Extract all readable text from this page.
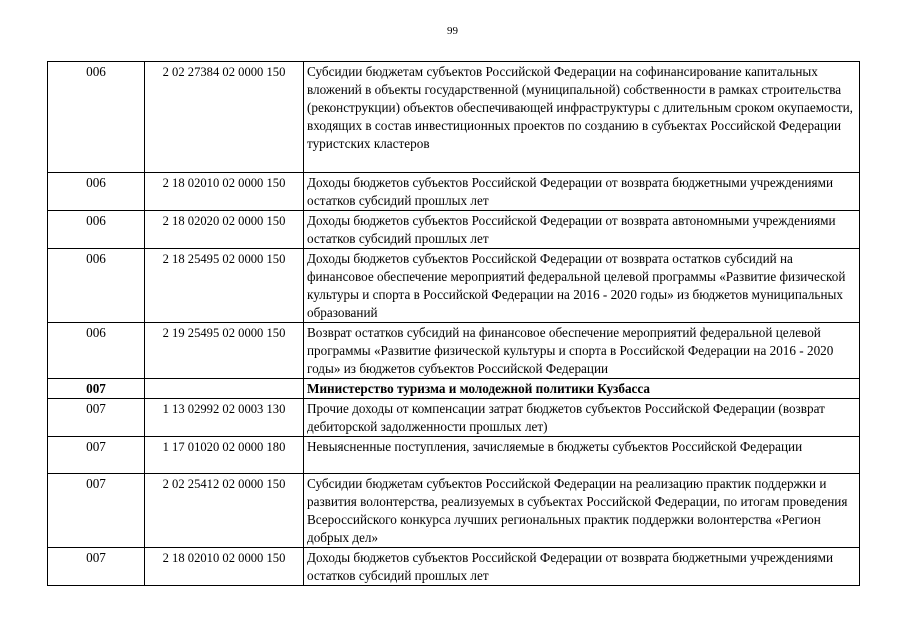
99
006	2 02 27384 02 0000 150	Субсидии бюджетам субъектов Российской Федерации на софинансирование капитальных вложений в объекты государственной (муниципальной) собственности в рамках строительства (реконструкции) объектов обеспечивающей инфраструктуры с длительным сроком окупаемости, входящих в состав инвестиционных проектов по созданию в субъектах Российской Федерации туристских кластеров
006	2 18 02010 02 0000 150	Доходы бюджетов субъектов Российской Федерации от возврата бюджетными учреждениями остатков субсидий прошлых лет
006	2 18 02020 02 0000 150	Доходы бюджетов субъектов Российской Федерации от возврата автономными учреждениями остатков субсидий прошлых лет
006	2 18 25495 02 0000 150	Доходы бюджетов субъектов Российской Федерации от возврата остатков субсидий на финансовое обеспечение мероприятий федеральной целевой программы «Развитие физической культуры и спорта в Российской Федерации на 2016 - 2020 годы» из бюджетов муниципальных образований
006	2 19 25495 02 0000 150	Возврат остатков субсидий на финансовое обеспечение мероприятий федеральной целевой программы «Развитие физической культуры и спорта в Российской Федерации на 2016 - 2020 годы» из бюджетов субъектов Российской Федерации
007		Министерство туризма и молодежной политики Кузбасса
007	1 13 02992 02 0003 130	Прочие доходы от компенсации затрат бюджетов субъектов Российской Федерации (возврат дебиторской задолженности прошлых лет)
007	1 17 01020 02 0000 180	Невыясненные поступления, зачисляемые в бюджеты субъектов Российской Федерации
007	2 02 25412 02 0000 150	Субсидии бюджетам субъектов Российской Федерации на реализацию практик поддержки и развития волонтерства, реализуемых в субъектах Российской Федерации, по итогам проведения Всероссийского конкурса лучших региональных практик поддержки волонтерства «Регион добрых дел»
007	2 18 02010 02 0000 150	Доходы бюджетов субъектов Российской Федерации от возврата бюджетными учреждениями остатков субсидий прошлых лет
